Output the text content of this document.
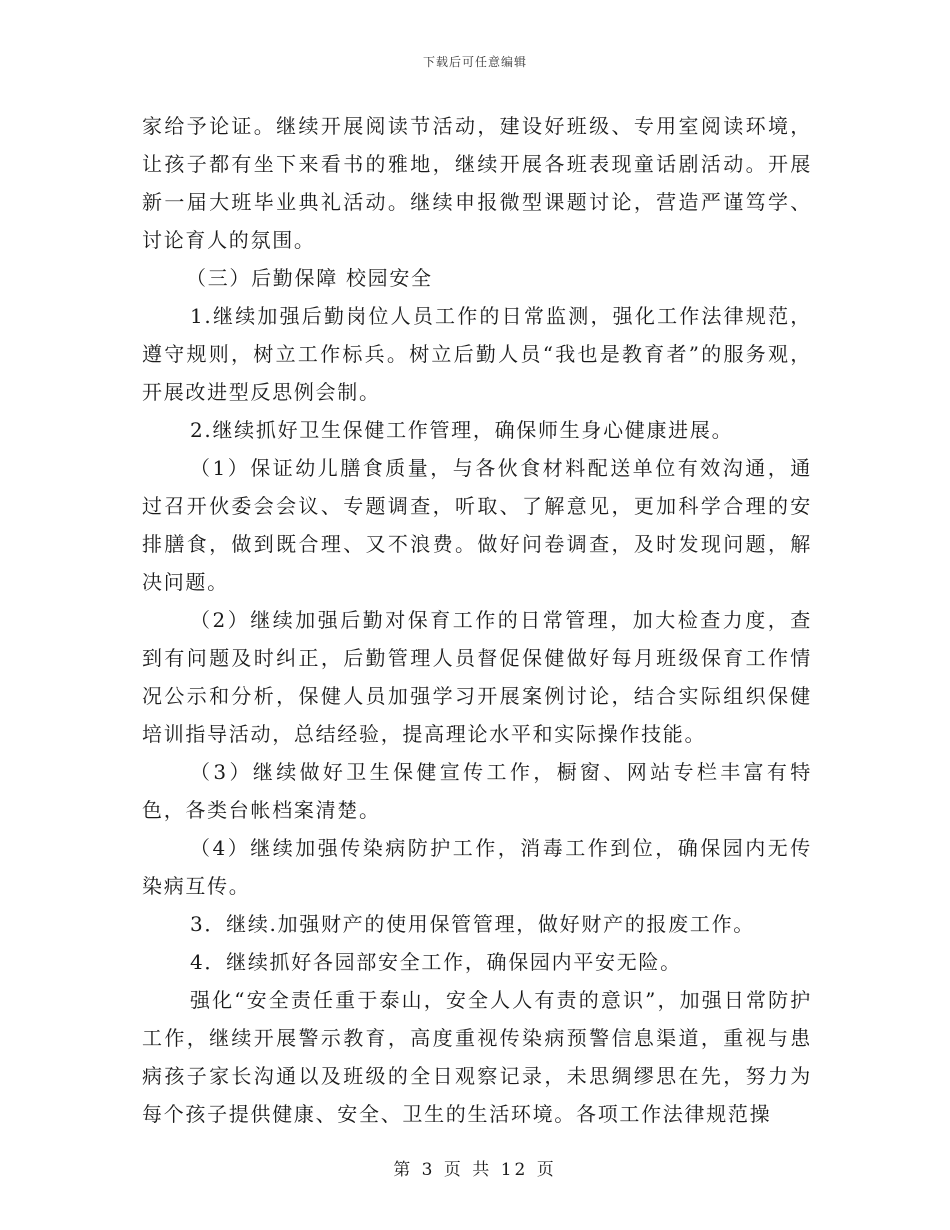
下载后可任意编辑

家给予论证。继续开展阅读节活动，建设好班级、专用室阅读环境，让孩子都有坐下来看书的雅地，继续开展各班表现童话剧活动。开展新一届大班毕业典礼活动。继续申报微型课题讨论，营造严谨笃学、讨论育人的氛围。

（三）后勤保障 校园安全

1.继续加强后勤岗位人员工作的日常监测，强化工作法律规范，遵守规则，树立工作标兵。树立后勤人员“我也是教育者”的服务观，开展改进型反思例会制。

2.继续抓好卫生保健工作管理，确保师生身心健康进展。

（1）保证幼儿膳食质量，与各伙食材料配送单位有效沟通，通过召开伙委会会议、专题调查，听取、了解意见，更加科学合理的安排膳食，做到既合理、又不浪费。做好问卷调查，及时发现问题，解决问题。

（2）继续加强后勤对保育工作的日常管理，加大检查力度，查到有问题及时纠正，后勤管理人员督促保健做好每月班级保育工作情况公示和分析，保健人员加强学习开展案例讨论，结合实际组织保健培训指导活动，总结经验，提高理论水平和实际操作技能。

（3）继续做好卫生保健宣传工作，橱窗、网站专栏丰富有特色，各类台帐档案清楚。

（4）继续加强传染病防护工作，消毒工作到位，确保园内无传染病互传。

3．继续.加强财产的使用保管管理，做好财产的报废工作。

4．继续抓好各园部安全工作，确保园内平安无险。

强化“安全责任重于泰山，安全人人有责的意识”，加强日常防护工作，继续开展警示教育，高度重视传染病预警信息渠道，重视与患病孩子家长沟通以及班级的全日观察记录，未思绸缪思在先，努力为每个孩子提供健康、安全、卫生的生活环境。各项工作法律规范操

第 3 页 共 12 页
